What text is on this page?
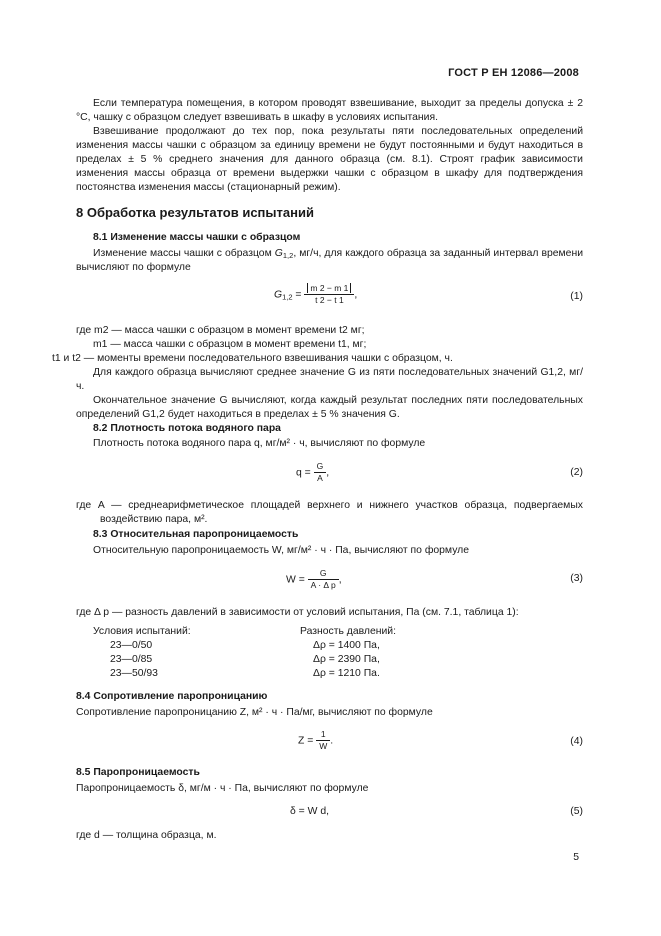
ГОСТ Р ЕН 12086—2008

Если температура помещения, в котором проводят взвешивание, выходит за пределы допуска ± 2 °С, чашку с образцом следует взвешивать в шкафу в условиях испытания.

Взвешивание продолжают до тех пор, пока результаты пяти последовательных определений изменения массы чашки с образцом за единицу времени не будут постоянными и будут находиться в пределах ± 5 % среднего значения для данного образца (см. 8.1). Строят график зависимости изменения массы образца от времени выдержки чашки с образцом в шкафу для подтверждения постоянства изменения массы (стационарный режим).

8 Обработка результатов испытаний
8.1 Изменение массы чашки с образцом

Изменение массы чашки с образцом $G_{1,2}$, мг/ч, для каждого образца за заданный интервал времени вычисляют по формуле

$G_{1,2} = \frac{m 2 - m 1}{t 2 - t 1}$ ,	(1)
где m2 — масса чашки с образцом в момент времени t2 мг;
m1 — масса чашки с образцом в момент времени t1, мг;
t1 и t2 — моменты времени последовательного взвешивания чашки с образцом, ч.

Для каждого образца вычисляют среднее значение G из пяти последовательных значений G1,2, мг/ч.

Окончательное значение G вычисляют, когда каждый результат последних пяти последовательных определений G1,2 будет находиться в пределах ± 5 % значения G.

8.2 Плотность потока водяного пара
Плотность потока водяного пара q, мг/м² · ч, вычисляют по формуле
$q = \frac{G}{A}$ ,	(2)

где A — среднеарифметическое площадей верхнего и нижнего участков образца, подвергаемых воздействию пара, м².

8.3 Относительная паропроницаемость
Относительную паропроницаемость W, мг/м² · ч · Па, вычисляют по формуле
$W = \frac{G}{\text{A · Δ p}}$ ,	(3)
где Δ p — разность давлений в зависимости от условий испытания, Па (см. 7.1, таблица 1):
Условия испытаний:	Разность давлений:
23—0/50	Δρ = 1400 Па,
23—0/85	Δρ = 2390 Па,
23—50/93	Δρ = 1210 Па.
8.4 Сопротивление паропроницанию
Сопротивление паропроницанию Z, м² · ч · Па/мг, вычисляют по формуле
$Z = \frac{1}{W}$ .	(4)
8.5 Паропроницаемость
Паропроницаемость δ, мг/м · ч · Па, вычисляют по формуле
δ = W d,	(5)
где d — толщина образца, м.
5
